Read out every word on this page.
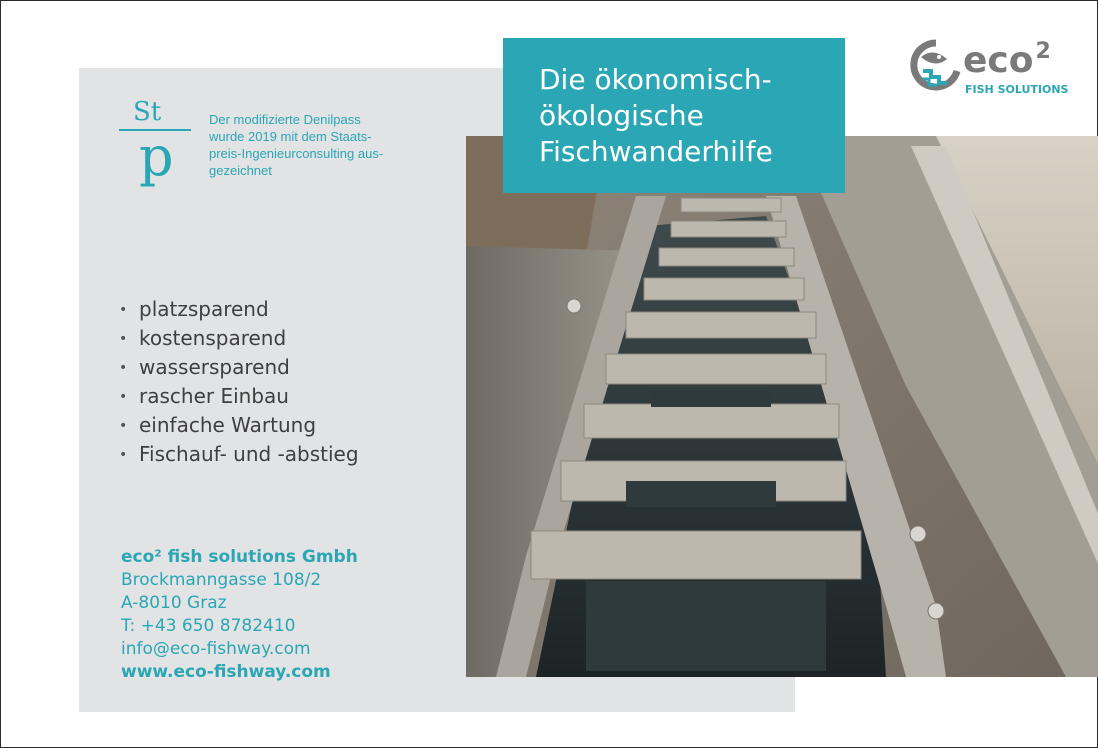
Die ökonomisch-
ökologische
Fischwanderhilfe
eco$^2$
FISH SOLUTIONS
St
p
Der modifizierte Denilpass
wurde 2019 mit dem Staats-
preis-Ingenieurconsulting aus-
gezeichnet
• platzsparend
• kostensparend
• wassersparend
• rascher Einbau
• einfache Wartung
• Fischauf- und -abstieg
eco² fish solutions Gmbh
Brockmanngasse 108/2
A-8010 Graz
T: +43 650 8782410
info@eco-fishway.com
www.eco-fishway.com
